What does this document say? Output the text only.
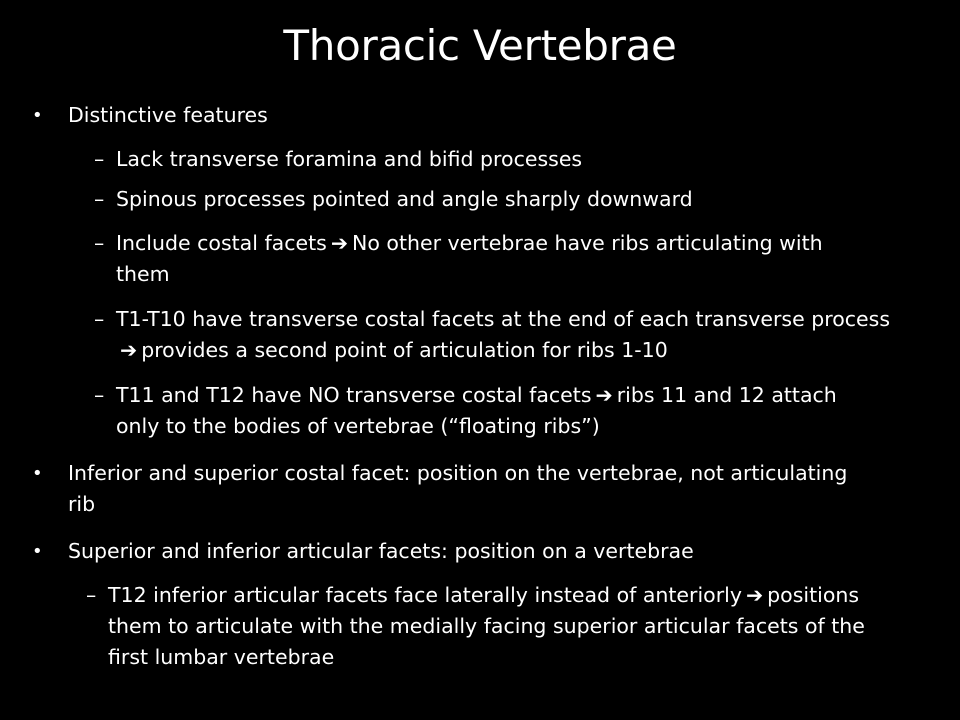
Thoracic Vertebrae
• Distinctive features
– Lack transverse foramina and bifid processes
– Spinous processes pointed and angle sharply downward
– Include costal facets ➔ No other vertebrae have ribs articulating with them
– T1-T10 have transverse costal facets at the end of each transverse process➔ provides a second point of articulation for ribs 1-10
– T11 and T12 have NO transverse costal facets ➔ ribs 11 and 12 attach only to the bodies of vertebrae (“floating ribs”)
• Inferior and superior costal facet: position on the vertebrae, not articulating rib
• Superior and inferior articular facets: position on a vertebrae
– T12 inferior articular facets face laterally instead of anteriorly ➔ positions them to articulate with the medially facing superior articular facets of the first lumbar vertebrae
